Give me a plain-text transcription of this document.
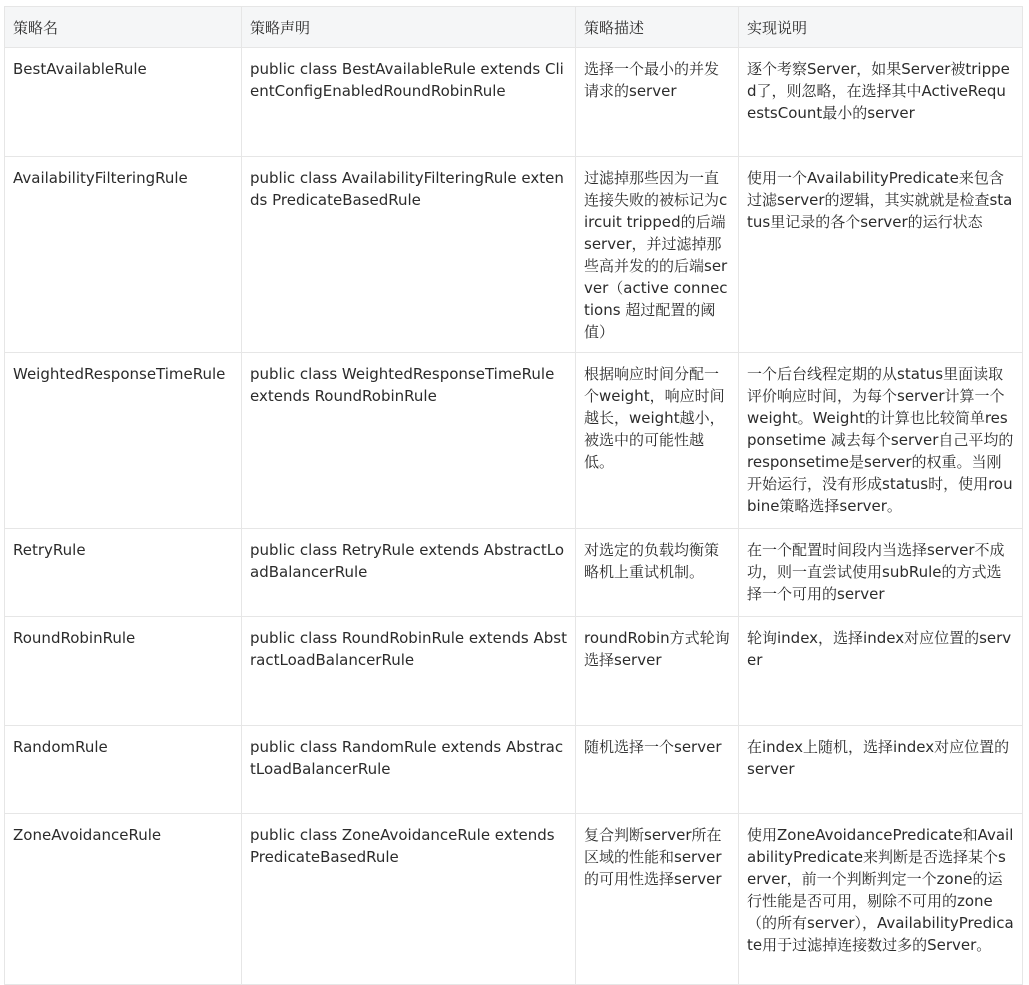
策略名	策略声明	策略描述	实现说明
BestAvailableRule	public class BestAvailableRule extends ClientConfigEnabledRoundRobinRule	选择一个最小的并发请求的server	逐个考察Server，如果Server被tripped了，则忽略，在选择其中ActiveRequestsCount最小的server
AvailabilityFilteringRule	public class AvailabilityFilteringRule extends PredicateBasedRule	过滤掉那些因为一直连接失败的被标记为circuit tripped的后端server，并过滤掉那些高并发的的后端server（active connections 超过配置的阈值）	使用一个AvailabilityPredicate来包含过滤server的逻辑，其实就就是检查status里记录的各个server的运行状态
WeightedResponseTimeRule	public class WeightedResponseTimeRule extends RoundRobinRule	根据响应时间分配一个weight，响应时间越长，weight越小，被选中的可能性越低。	一个后台线程定期的从status里面读取评价响应时间，为每个server计算一个weight。Weight的计算也比较简单responsetime 减去每个server自己平均的responsetime是server的权重。当刚开始运行，没有形成status时，使用roubine策略选择server。
RetryRule	public class RetryRule extends AbstractLoadBalancerRule	对选定的负载均衡策略机上重试机制。	在一个配置时间段内当选择server不成功，则一直尝试使用subRule的方式选择一个可用的server
RoundRobinRule	public class RoundRobinRule extends AbstractLoadBalancerRule	roundRobin方式轮询选择server	轮询index，选择index对应位置的server
RandomRule	public class RandomRule extends AbstractLoadBalancerRule	随机选择一个server	在index上随机，选择index对应位置的server
ZoneAvoidanceRule	public class ZoneAvoidanceRule extends PredicateBasedRule	复合判断server所在区域的性能和server的可用性选择server	使用ZoneAvoidancePredicate和AvailabilityPredicate来判断是否选择某个server，前一个判断判定一个zone的运行性能是否可用，剔除不可用的zone（的所有server），AvailabilityPredicate用于过滤掉连接数过多的Server。
